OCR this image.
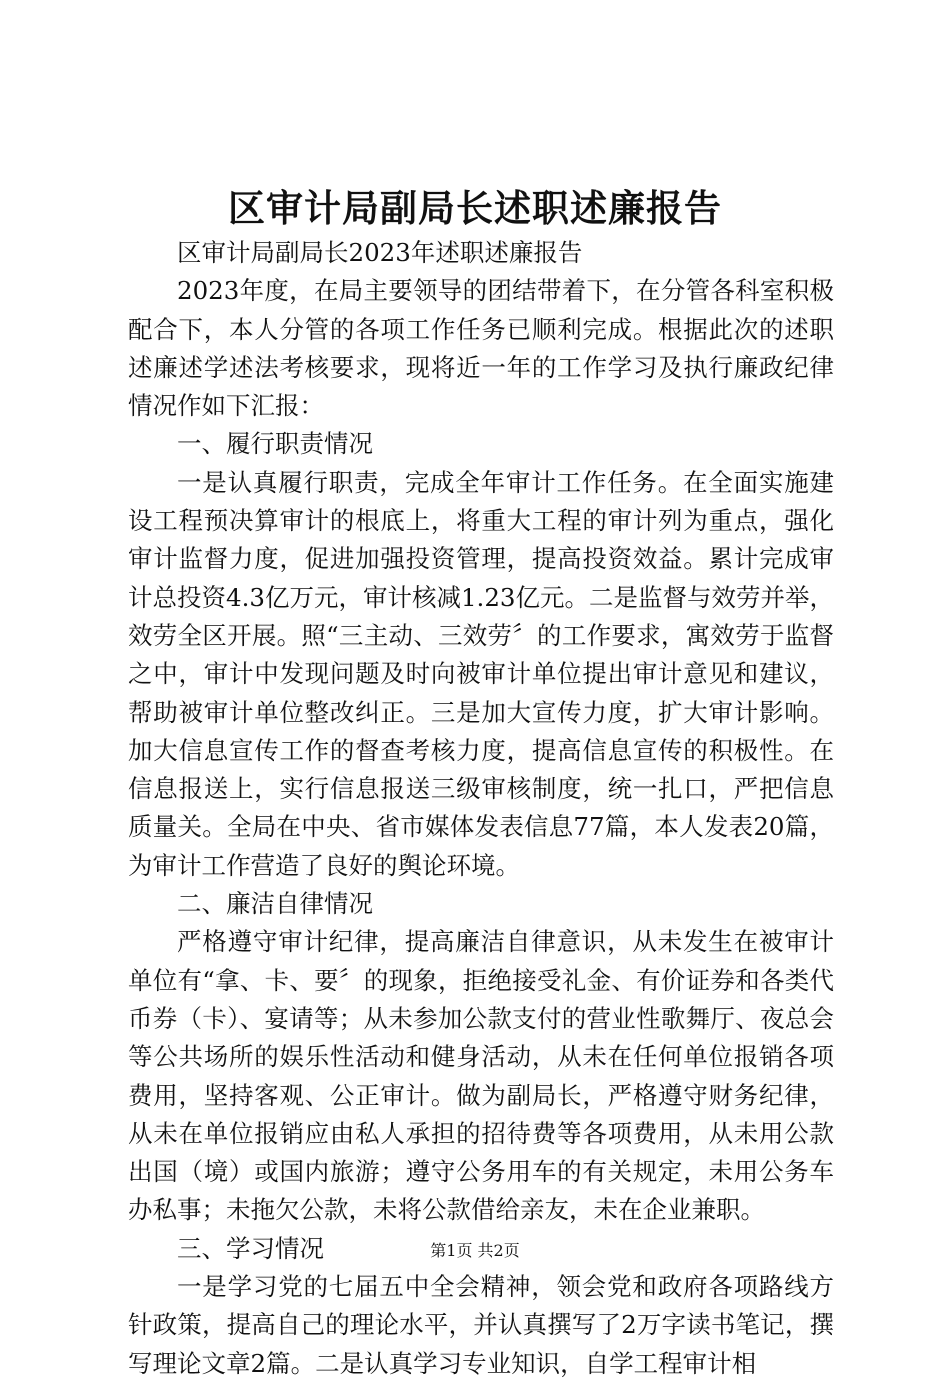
区审计局副局长述职述廉报告

区审计局副局长2023年述职述廉报告

2023年度，在局主要领导的团结带着下，在分管各科室积极配合下，本人分管的各项工作任务已顺利完成。根据此次的述职述廉述学述法考核要求，现将近一年的工作学习及执行廉政纪律情况作如下汇报：

一、履行职责情况

一是认真履行职责，完成全年审计工作任务。在全面实施建设工程预决算审计的根底上，将重大工程的审计列为重点，强化审计监督力度，促进加强投资管理，提高投资效益。累计完成审计总投资4.3亿万元，审计核减1.23亿元。二是监督与效劳并举，效劳全区开展。照“三主动、三效劳〞的工作要求，寓效劳于监督之中，审计中发现问题及时向被审计单位提出审计意见和建议，帮助被审计单位整改纠正。三是加大宣传力度，扩大审计影响。加大信息宣传工作的督查考核力度，提高信息宣传的积极性。在信息报送上，实行信息报送三级审核制度，统一扎口，严把信息质量关。全局在中央、省市媒体发表信息77篇，本人发表20篇，为审计工作营造了良好的舆论环境。

二、廉洁自律情况

严格遵守审计纪律，提高廉洁自律意识，从未发生在被审计单位有“拿、卡、要〞的现象，拒绝接受礼金、有价证券和各类代币券（卡）、宴请等；从未参加公款支付的营业性歌舞厅、夜总会等公共场所的娱乐性活动和健身活动，从未在任何单位报销各项费用，坚持客观、公正审计。做为副局长，严格遵守财务纪律，从未在单位报销应由私人承担的招待费等各项费用，从未用公款出国（境）或国内旅游；遵守公务用车的有关规定，未用公务车办私事；未拖欠公款，未将公款借给亲友，未在企业兼职。

三、学习情况

一是学习党的七届五中全会精神，领会党和政府各项路线方针政策，提高自己的理论水平，并认真撰写了2万字读书笔记，撰写理论文章2篇。二是认真学习专业知识，自学工程审计相

第1页 共2页
